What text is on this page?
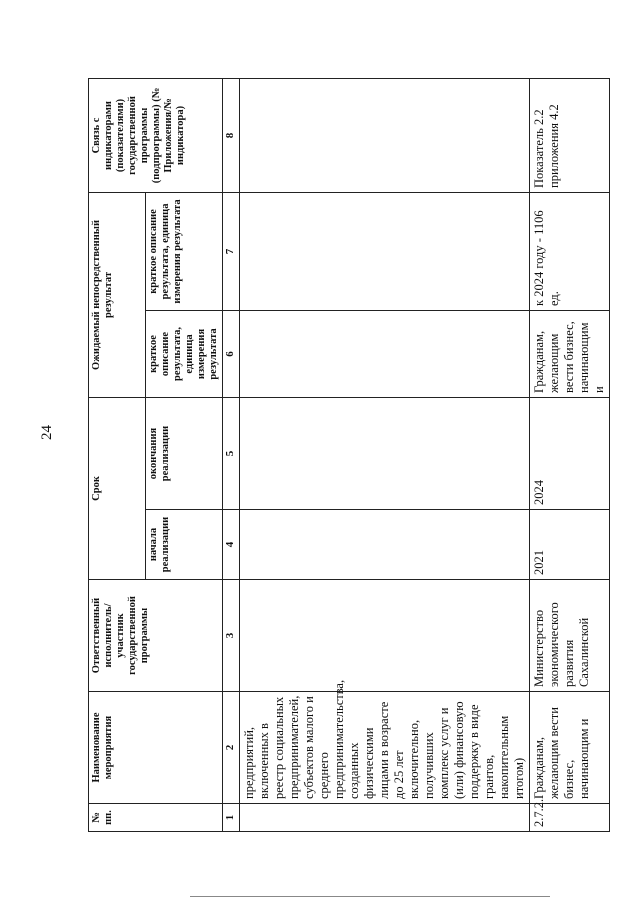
24
№ пп.	Наименование мероприятия	Ответственный исполнитель/участник государственной программы	Срок		Ожидаемый непосредственный результат		Связь с индикаторами (показателями) государственной программы (подпрограммы) (№ Приложения/№ индикатора)
			начала реализации	окончания реализации	краткое описание результата, единица измерения результата	краткое описание результата, единица измерения результата	
1	2	3	4	5	6	7	8
	предприятий, включенных в реестр социальных предпринимателей, субъектов малого и среднего предпринимательства, созданных физическими лицами в возрасте до 25 лет включительно, получивших комплекс услуг и (или) финансовую поддержку в виде грантов, накопительным итогом)						
2.7.2.	Гражданам, желающим вести бизнес, начинающим и	Министерство экономического развития Сахалинской	2021	2024	Гражданам, желающим вести бизнес, начинающим и	к 2024 году - 1106 ед.	Показатель 2.2 приложения 4.2
